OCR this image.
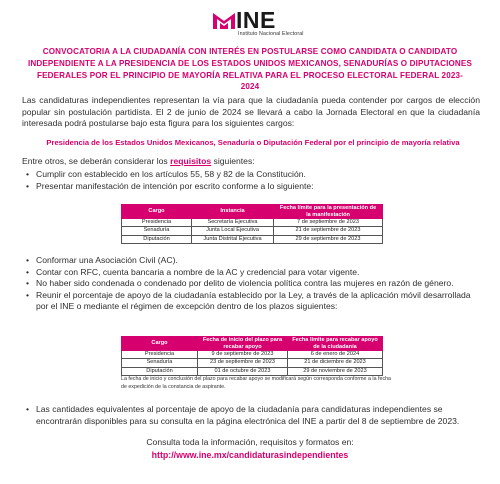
INE
Instituto Nacional Electoral
CONVOCATORIA A LA CIUDADANÍA CON INTERÉS EN POSTULARSE COMO CANDIDATA O CANDIDATO INDEPENDIENTE A LA PRESIDENCIA DE LOS ESTADOS UNIDOS MEXICANOS, SENADURÍAS O DIPUTACIONES FEDERALES POR EL PRINCIPIO DE MAYORÍA RELATIVA PARA EL PROCESO ELECTORAL FEDERAL 2023-2024

Las candidaturas independientes representan la vía para que la ciudadanía pueda contender por cargos de elección popular sin postulación partidista. El 2 de junio de 2024 se llevará a cabo la Jornada Electoral en que la ciudadanía interesada podrá postularse bajo esta figura para los siguientes cargos:

Presidencia de los Estados Unidos Mexicanos, Senaduría o Diputación Federal por el principio de mayoría relativa
Entre otros, se deberán considerar los requisitos siguientes:
• Cumplir con establecido en los artículos 55, 58 y 82 de la Constitución.
• Presentar manifestación de intención por escrito conforme a lo siguiente:
Cargo	Instancia	Fecha límite para la presentación de la manifestación
Presidencia	Secretaría Ejecutiva	7 de septiembre de 2023
Senaduría	Junta Local Ejecutiva	21 de septiembre de 2023
Diputación	Junta Distrital Ejecutiva	29 de septiembre de 2023
• Conformar una Asociación Civil (AC).
• Contar con RFC, cuenta bancaria a nombre de la AC y credencial para votar vigente.
• No haber sido condenada o condenado por delito de violencia política contra las mujeres en razón de género.
• Reunir el porcentaje de apoyo de la ciudadanía establecido por la Ley, a través de la aplicación móvil desarrollada por el INE o mediante el régimen de excepción dentro de los plazos siguientes:
Cargo	Fecha de inicio del plazo para recabar apoyo	Fecha límite para recabar apoyo de la ciudadanía
Presidencia	9 de septiembre de 2023	6 de enero de 2024
Senaduría	23 de septiembre de 2023	21 de diciembre de 2023
Diputación	01 de octubre de 2023	29 de noviembre de 2023

La fecha de inicio y conclusión del plazo para recabar apoyo se modificará según corresponda conforme a la fecha de expedición de la constancia de aspirante.

• Las cantidades equivalentes al porcentaje de apoyo de la ciudadanía para candidaturas independientes se encontrarán disponibles para su consulta en la página electrónica del INE a partir del 8 de septiembre de 2023.
Consulta toda la información, requisitos y formatos en:
http://www.ine.mx/candidaturasindependientes
